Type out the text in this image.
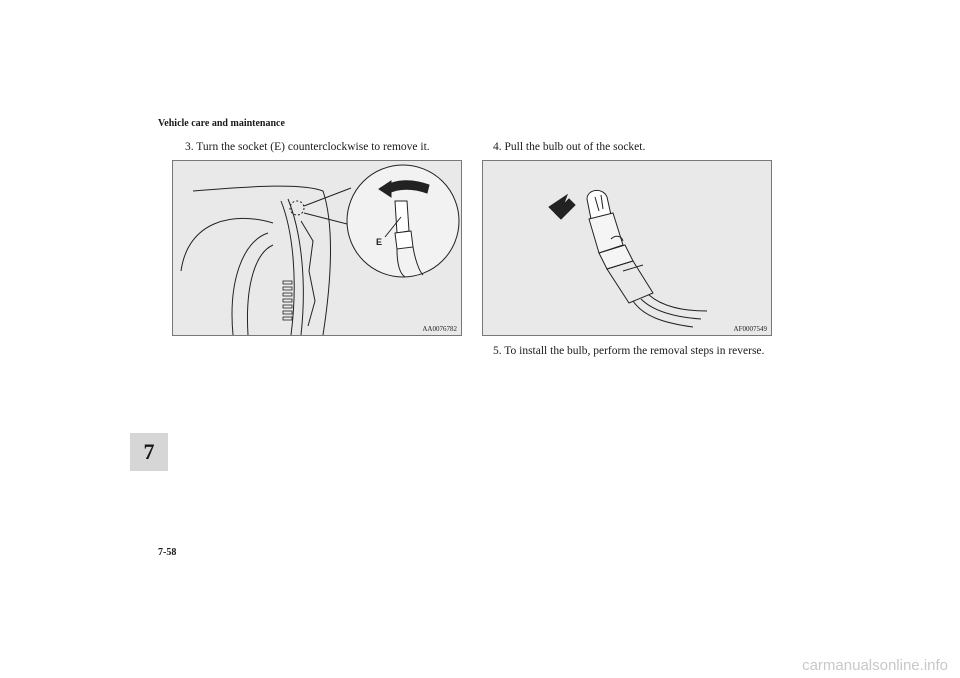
Vehicle care and maintenance
3. Turn the socket (E) counterclockwise to remove it.	4. Pull the bulb out of the socket.
E
AA0076782	AF0007549
5. To install the bulb, perform the removal steps in reverse.
7
7-58
carmanualsonline.info
